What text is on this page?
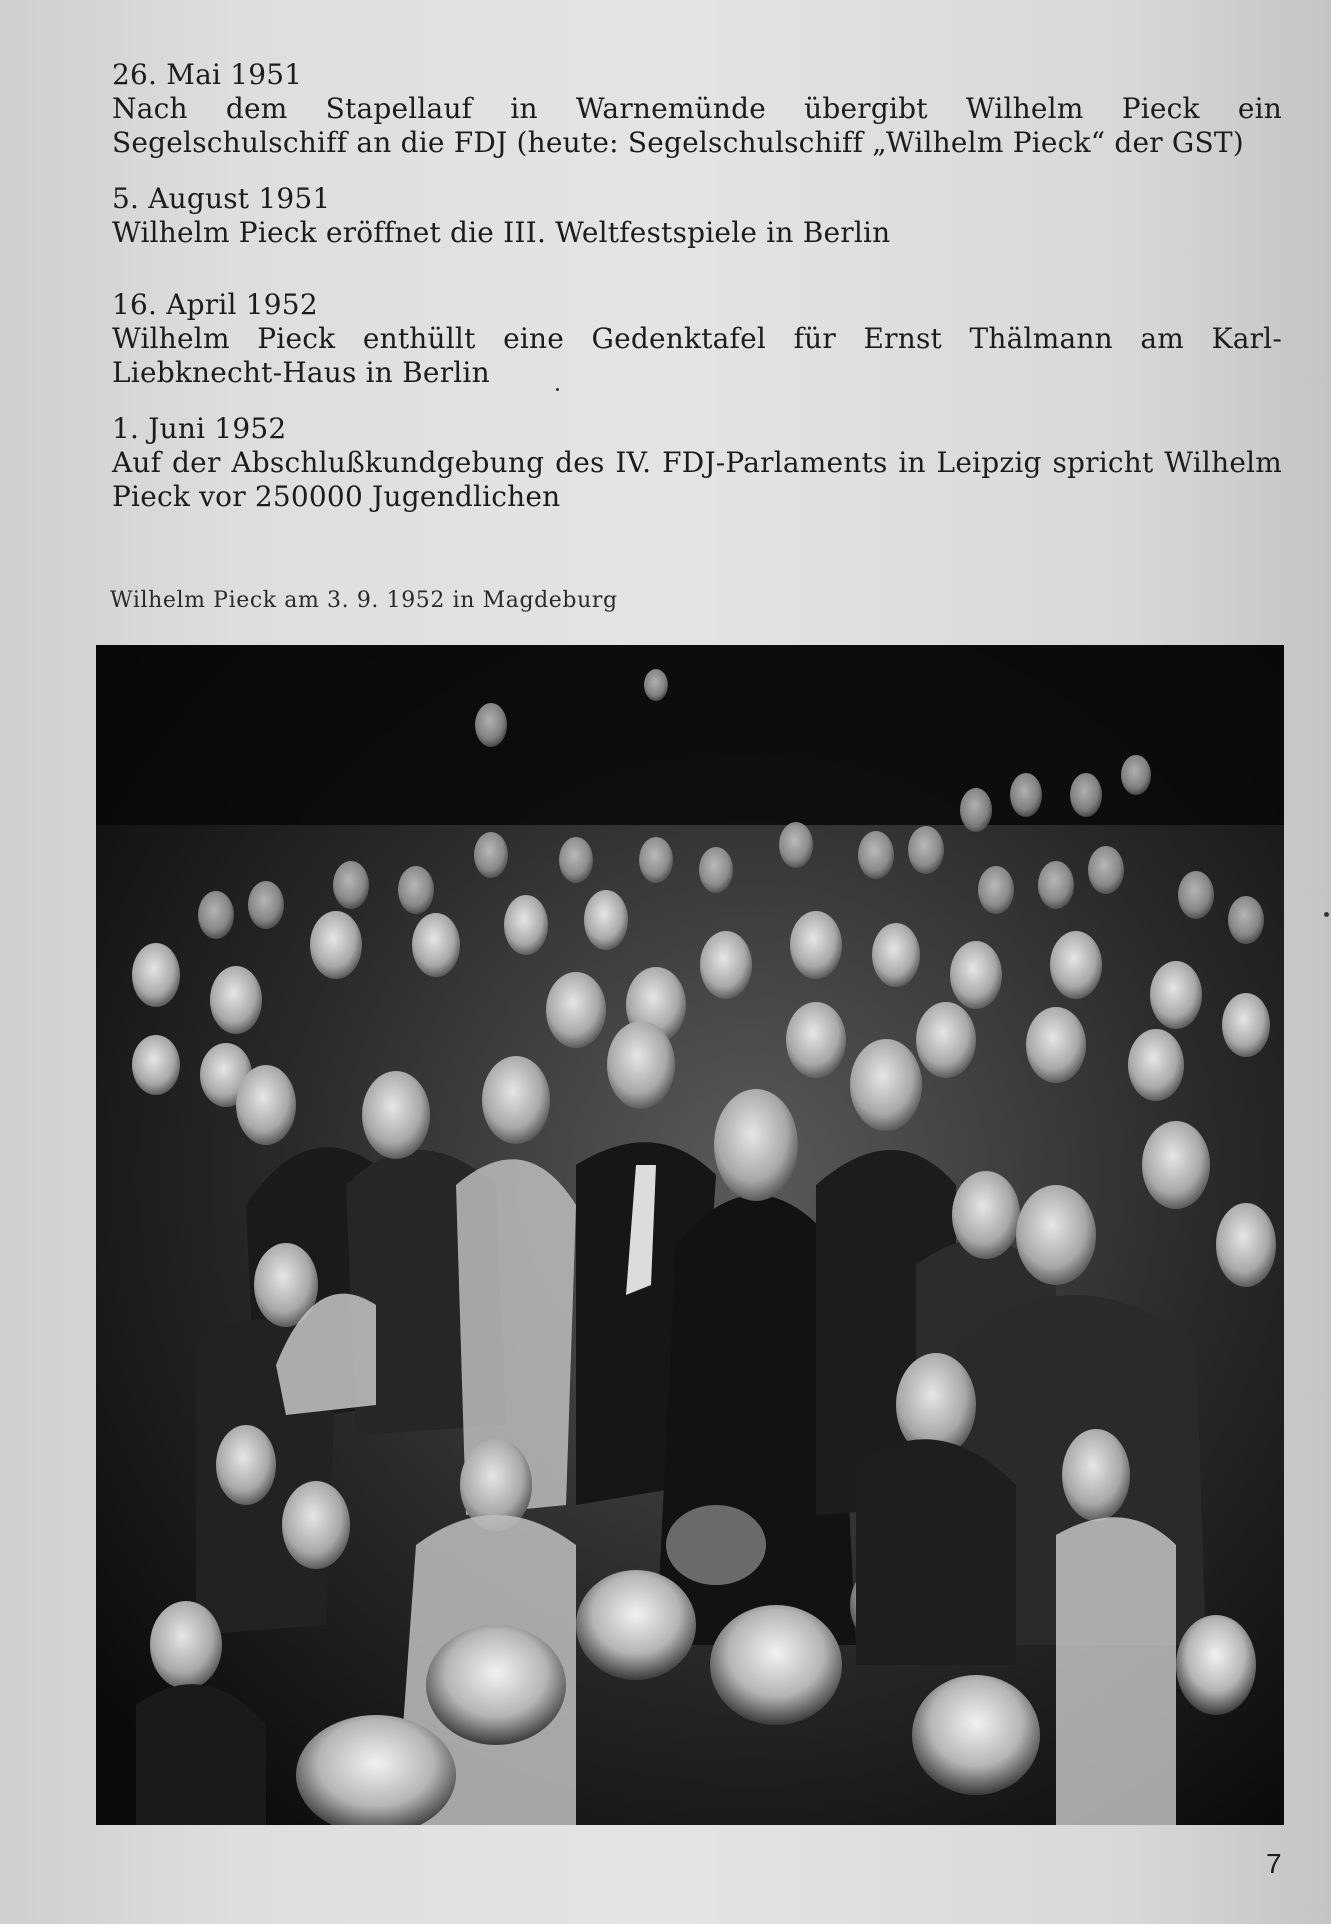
26. Mai 1951
Nach dem Stapellauf in Warnemünde übergibt Wilhelm Pieck ein Segelschulschiff an die FDJ (heute: Segelschulschiff „Wilhelm Pieck“ der GST)

5. August 1951
Wilhelm Pieck eröffnet die III. Weltfestspiele in Berlin

16. April 1952
Wilhelm Pieck enthüllt eine Gedenktafel für Ernst Thälmann am Karl-Liebknecht-Haus in Berlin

1. Juni 1952
Auf der Abschlußkundgebung des IV. FDJ-Parlaments in Leipzig spricht Wilhelm Pieck vor 250000 Jugendlichen

Wilhelm Pieck am 3. 9. 1952 in Magdeburg
7
